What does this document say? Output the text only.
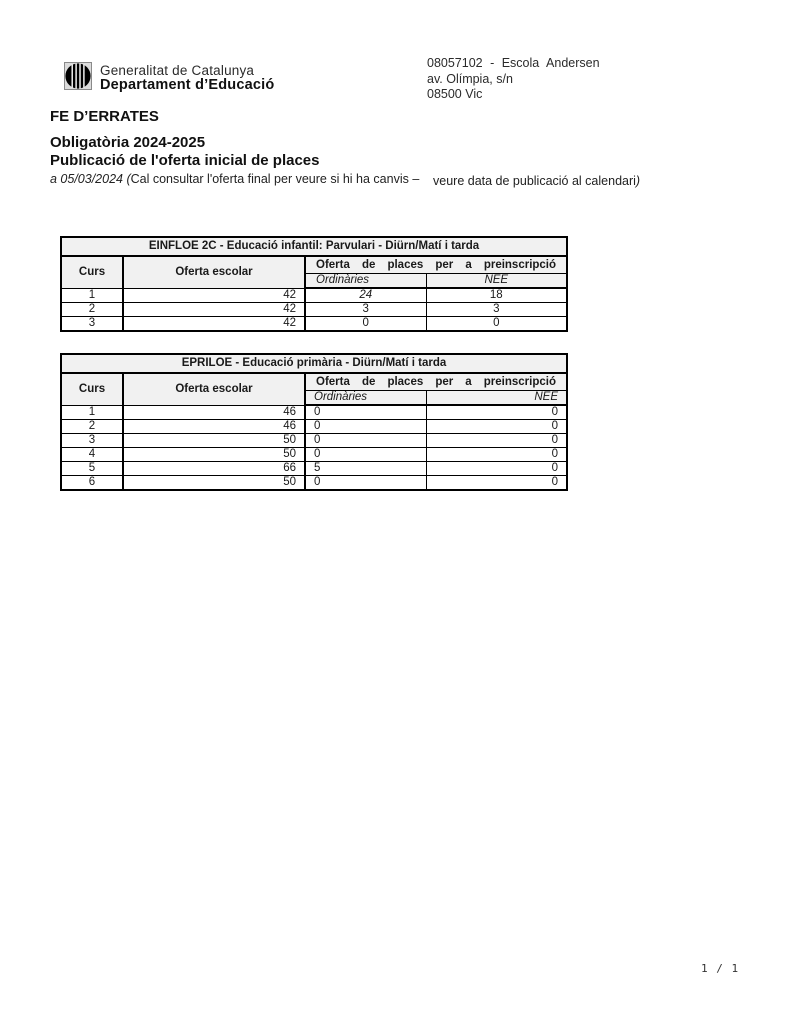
Generalitat de Catalunya
Departament d’Educació
08057102 - Escola Andersen
av. Olímpia, s/n
08500 Vic
FE D’ERRATES
Obligatòria 2024-2025
Publicació de l'oferta inicial de places
a 05/03/2024 (Cal consultar l'oferta final per veure si hi ha canvis – veure data de publicació al calendari)
EINFLOE 2C - Educació infantil: Parvulari - Diürn/Matí i tarda			
Curs	Oferta escolar	Oferta de places per a preinscripció	
		Ordinàries	NEE
1	42	24	18
2	42	3	3
3	42	0	0
EPRILOE - Educació primària - Diürn/Matí i tarda			
Curs	Oferta escolar	Oferta de places per a preinscripció	
		Ordinàries	NEE
1	46	0	0
2	46	0	0
3	50	0	0
4	50	0	0
5	66	5	0
6	50	0	0
1 / 1
